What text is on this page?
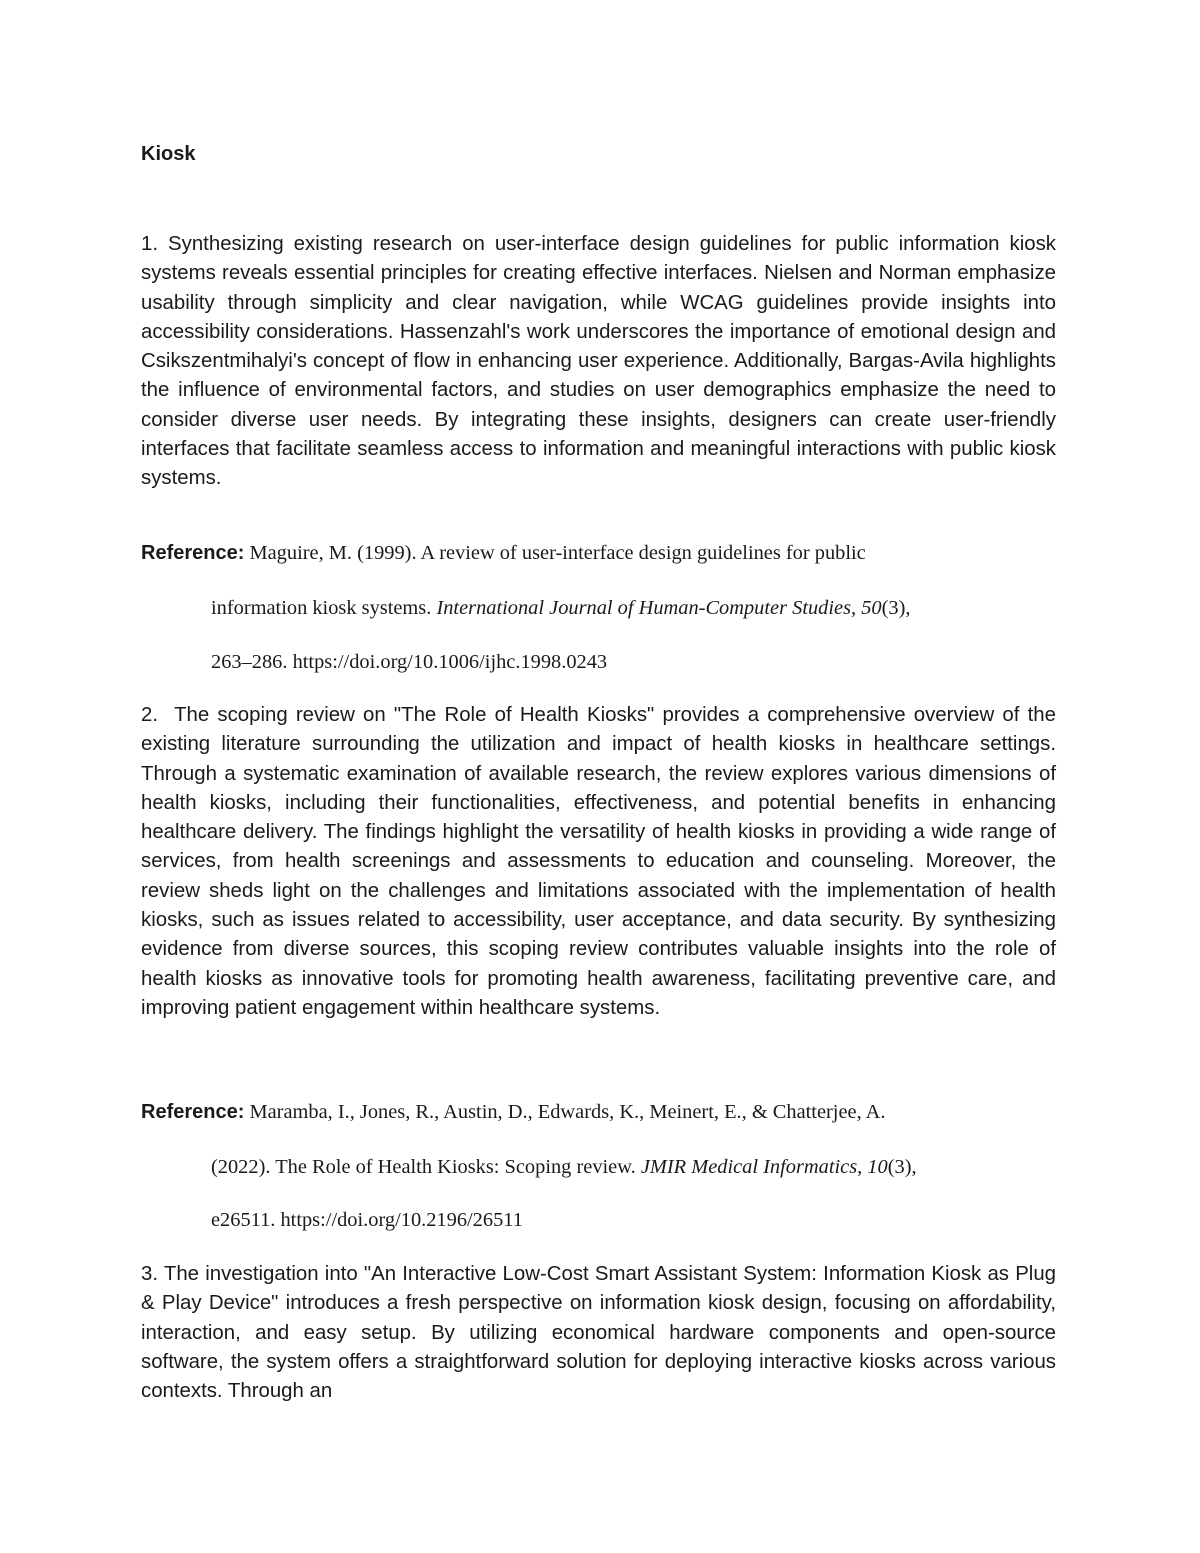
Kiosk

1. Synthesizing existing research on user-interface design guidelines for public information kiosk systems reveals essential principles for creating effective interfaces. Nielsen and Norman emphasize usability through simplicity and clear navigation, while WCAG guidelines provide insights into accessibility considerations. Hassenzahl's work underscores the importance of emotional design and Csikszentmihalyi's concept of flow in enhancing user experience. Additionally, Bargas-Avila highlights the influence of environmental factors, and studies on user demographics emphasize the need to consider diverse user needs. By integrating these insights, designers can create user-friendly interfaces that facilitate seamless access to information and meaningful interactions with public kiosk systems.

Reference: Maguire, M. (1999). A review of user-interface design guidelines for public

information kiosk systems. International Journal of Human-Computer Studies, 50(3),

263–286. https://doi.org/10.1006/ijhc.1998.0243

2. The scoping review on "The Role of Health Kiosks" provides a comprehensive overview of the existing literature surrounding the utilization and impact of health kiosks in healthcare settings. Through a systematic examination of available research, the review explores various dimensions of health kiosks, including their functionalities, effectiveness, and potential benefits in enhancing healthcare delivery. The findings highlight the versatility of health kiosks in providing a wide range of services, from health screenings and assessments to education and counseling. Moreover, the review sheds light on the challenges and limitations associated with the implementation of health kiosks, such as issues related to accessibility, user acceptance, and data security. By synthesizing evidence from diverse sources, this scoping review contributes valuable insights into the role of health kiosks as innovative tools for promoting health awareness, facilitating preventive care, and improving patient engagement within healthcare systems.

Reference: Maramba, I., Jones, R., Austin, D., Edwards, K., Meinert, E., & Chatterjee, A.

(2022). The Role of Health Kiosks: Scoping review. JMIR Medical Informatics, 10(3),

e26511. https://doi.org/10.2196/26511

3. The investigation into "An Interactive Low-Cost Smart Assistant System: Information Kiosk as Plug & Play Device" introduces a fresh perspective on information kiosk design, focusing on affordability, interaction, and easy setup. By utilizing economical hardware components and open-source software, the system offers a straightforward solution for deploying interactive kiosks across various contexts. Through an
